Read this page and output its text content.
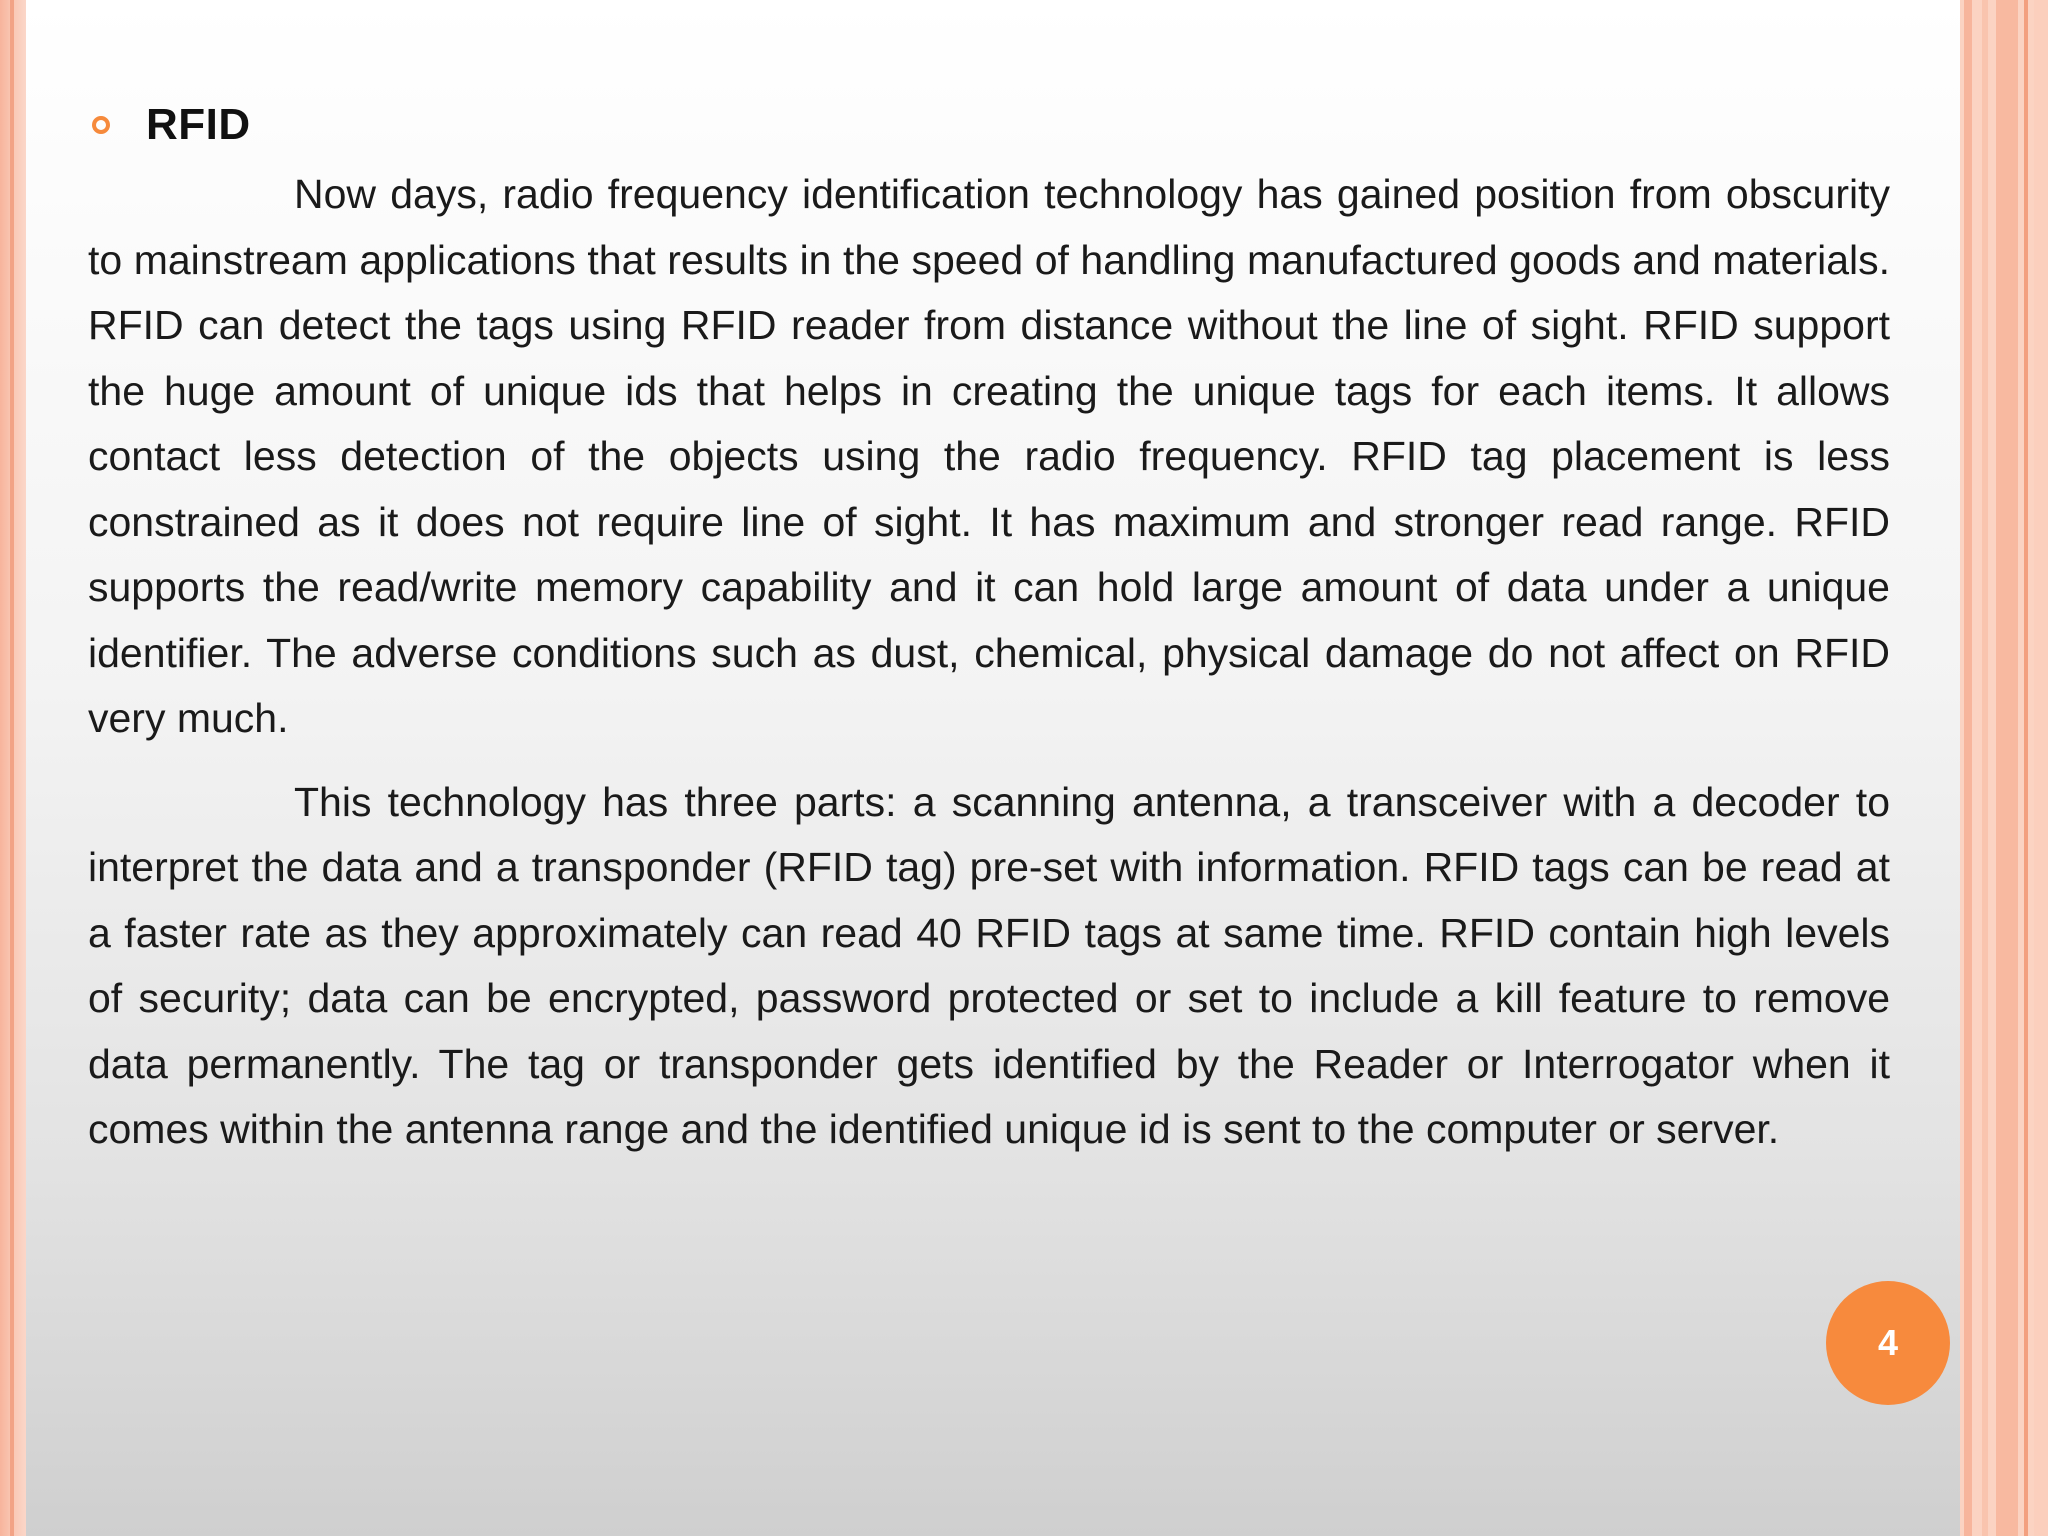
RFID

Now days, radio frequency identification technology has gained position from obscurity to mainstream applications that results in the speed of handling manufactured goods and materials. RFID can detect the tags using RFID reader from distance without the line of sight. RFID support the huge amount of unique ids that helps in creating the unique tags for each items. It allows contact less detection of the objects using the radio frequency. RFID tag placement is less constrained as it does not require line of sight. It has maximum and stronger read range. RFID supports the read/write memory capability and it can hold large amount of data under a unique identifier. The adverse conditions such as dust, chemical, physical damage do not affect on RFID very much.

This technology has three parts: a scanning antenna, a transceiver with a decoder to interpret the data and a transponder (RFID tag) pre-set with information. RFID tags can be read at a faster rate as they approximately can read 40 RFID tags at same time. RFID contain high levels of security; data can be encrypted, password protected or set to include a kill feature to remove data permanently. The tag or transponder gets identified by the Reader or Interrogator when it comes within the antenna range and the identified unique id is sent to the computer or server.

4
